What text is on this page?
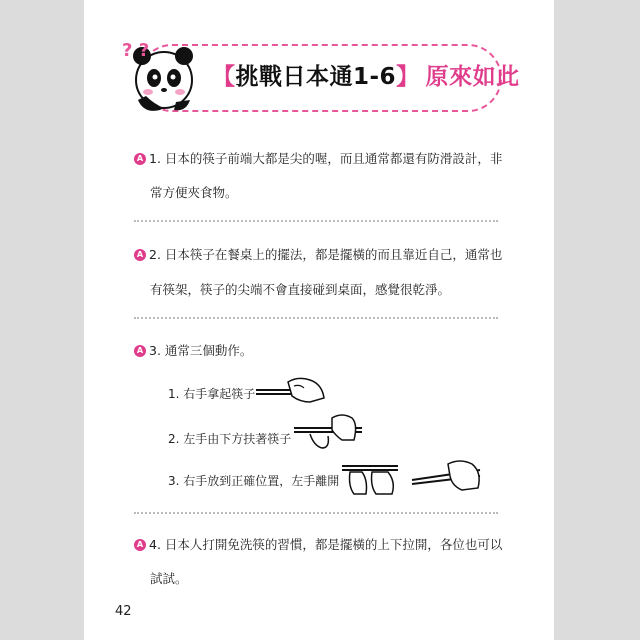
【挑戰日本通1-6】 原來如此
? ?
A 1. 日本的筷子前端大都是尖的喔，而且通常都還有防滑設計，非
常方便夾食物。
A 2. 日本筷子在餐桌上的擺法，都是擺橫的而且靠近自己，通常也
有筷架，筷子的尖端不會直接碰到桌面，感覺很乾淨。
A 3. 通常三個動作。
1. 右手拿起筷子
2. 左手由下方扶著筷子
3. 右手放到正確位置，左手離開
A 4. 日本人打開免洗筷的習慣，都是擺橫的上下拉開，各位也可以
試試。
42
